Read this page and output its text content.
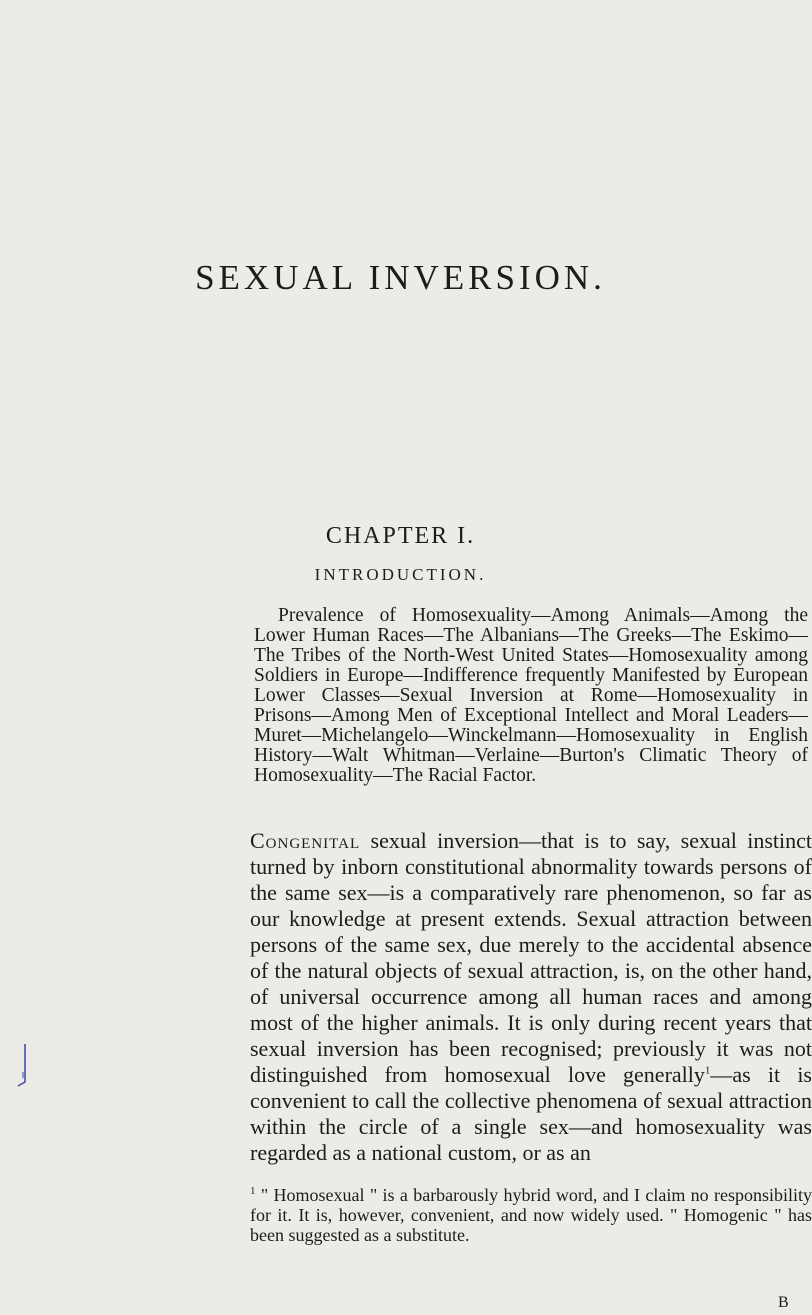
SEXUAL INVERSION.
CHAPTER I.
INTRODUCTION.

Prevalence of Homosexuality—Among Animals—Among the Lower Human Races—The Albanians—The Greeks—The Eskimo—The Tribes of the North-West United States—Homosexuality among Soldiers in Europe—Indifference frequently Manifested by European Lower Classes—Sexual Inversion at Rome—Homosexuality in Prisons—Among Men of Exceptional Intellect and Moral Leaders—Muret—Michelangelo—Winckelmann—Homosexuality in English History—Walt Whitman—Verlaine—Burton's Climatic Theory of Homosexuality—The Racial Factor.

Congenital sexual inversion—that is to say, sexual instinct turned by inborn constitutional abnormality towards persons of the same sex—is a comparatively rare phenomenon, so far as our knowledge at present extends. Sexual attraction between persons of the same sex, due merely to the accidental absence of the natural objects of sexual attraction, is, on the other hand, of universal occurrence among all human races and among most of the higher animals. It is only during recent years that sexual inversion has been recognised; previously it was not distinguished from homosexual love generally$^1$—as it is convenient to call the collective phenomena of sexual attraction within the circle of a single sex—and homosexuality was regarded as a national custom, or as an

$^1$ " Homosexual " is a barbarously hybrid word, and I claim no responsibility for it. It is, however, convenient, and now widely used. " Homogenic " has been suggested as a substitute.

B
